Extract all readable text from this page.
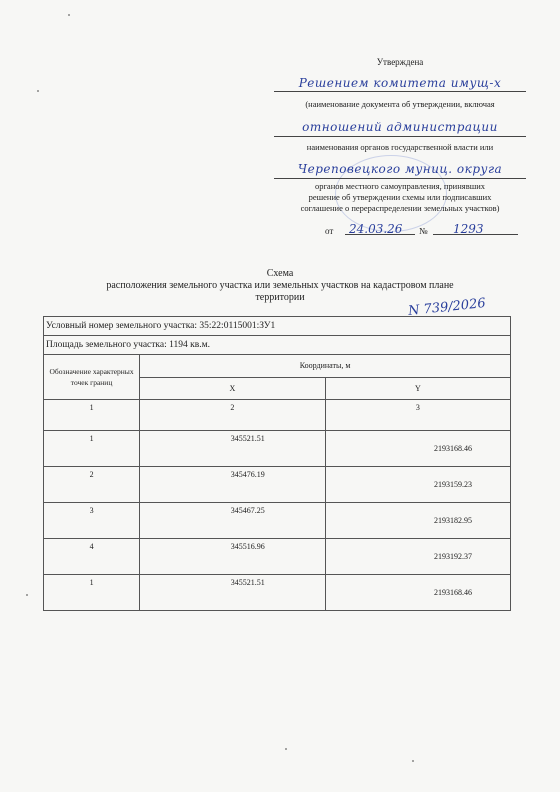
Утверждена
Решением комитета имущ-х
(наименование документа об утверждении, включая
отношений администрации
наименования органов государственной власти или
Череповецкого муниц. округа
органов местного самоуправления, принявших
решение об утверждении схемы или подписавших
соглашение о перераспределении земельных участков)
от 24.03.26 № 1293
Схема
расположения земельного участка или земельных участков на кадастровом плане
территории	N 739/2026
Условный номер земельного участка: 35:22:0115001:ЗУ1		
Площадь земельного участка: 1194 кв.м.		
Обозначение характерных точек границ	Координаты, м	
	X	Y
1	2	3
1	345521.51	2193168.46
2	345476.19	2193159.23
3	345467.25	2193182.95
4	345516.96	2193192.37
1	345521.51	2193168.46
